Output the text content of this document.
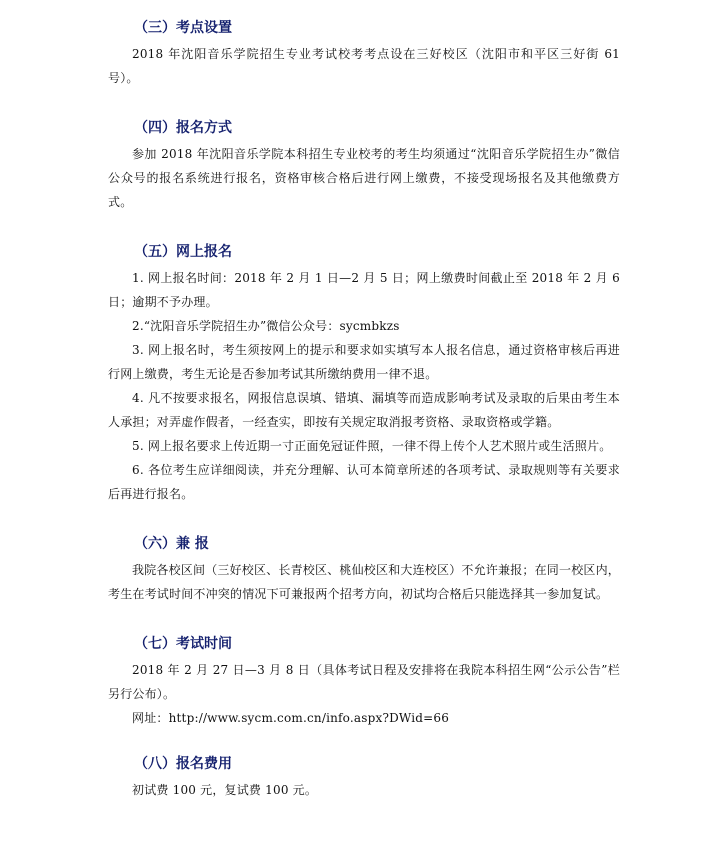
（三）考点设置

2018 年沈阳音乐学院招生专业考试校考考点设在三好校区（沈阳市和平区三好街 61 号）。

（四）报名方式

参加 2018 年沈阳音乐学院本科招生专业校考的考生均须通过“沈阳音乐学院招生办”微信公众号的报名系统进行报名，资格审核合格后进行网上缴费，不接受现场报名及其他缴费方式。

（五）网上报名

1. 网上报名时间：2018 年 2 月 1 日—2 月 5 日；网上缴费时间截止至 2018 年 2 月 6 日；逾期不予办理。

2.“沈阳音乐学院招生办”微信公众号：sycmbkzs

3. 网上报名时，考生须按网上的提示和要求如实填写本人报名信息，通过资格审核后再进行网上缴费，考生无论是否参加考试其所缴纳费用一律不退。

4. 凡不按要求报名，网报信息误填、错填、漏填等而造成影响考试及录取的后果由考生本人承担；对弄虚作假者，一经查实，即按有关规定取消报考资格、录取资格或学籍。

5. 网上报名要求上传近期一寸正面免冠证件照，一律不得上传个人艺术照片或生活照片。

6. 各位考生应详细阅读，并充分理解、认可本简章所述的各项考试、录取规则等有关要求后再进行报名。

（六）兼 报

我院各校区间（三好校区、长青校区、桃仙校区和大连校区）不允许兼报；在同一校区内，考生在考试时间不冲突的情况下可兼报两个招考方向，初试均合格后只能选择其一参加复试。

（七）考试时间

2018 年 2 月 27 日—3 月 8 日（具体考试日程及安排将在我院本科招生网“公示公告”栏另行公布）。

网址：http://www.sycm.com.cn/info.aspx?DWid=66

（八）报名费用

初试费 100 元，复试费 100 元。
